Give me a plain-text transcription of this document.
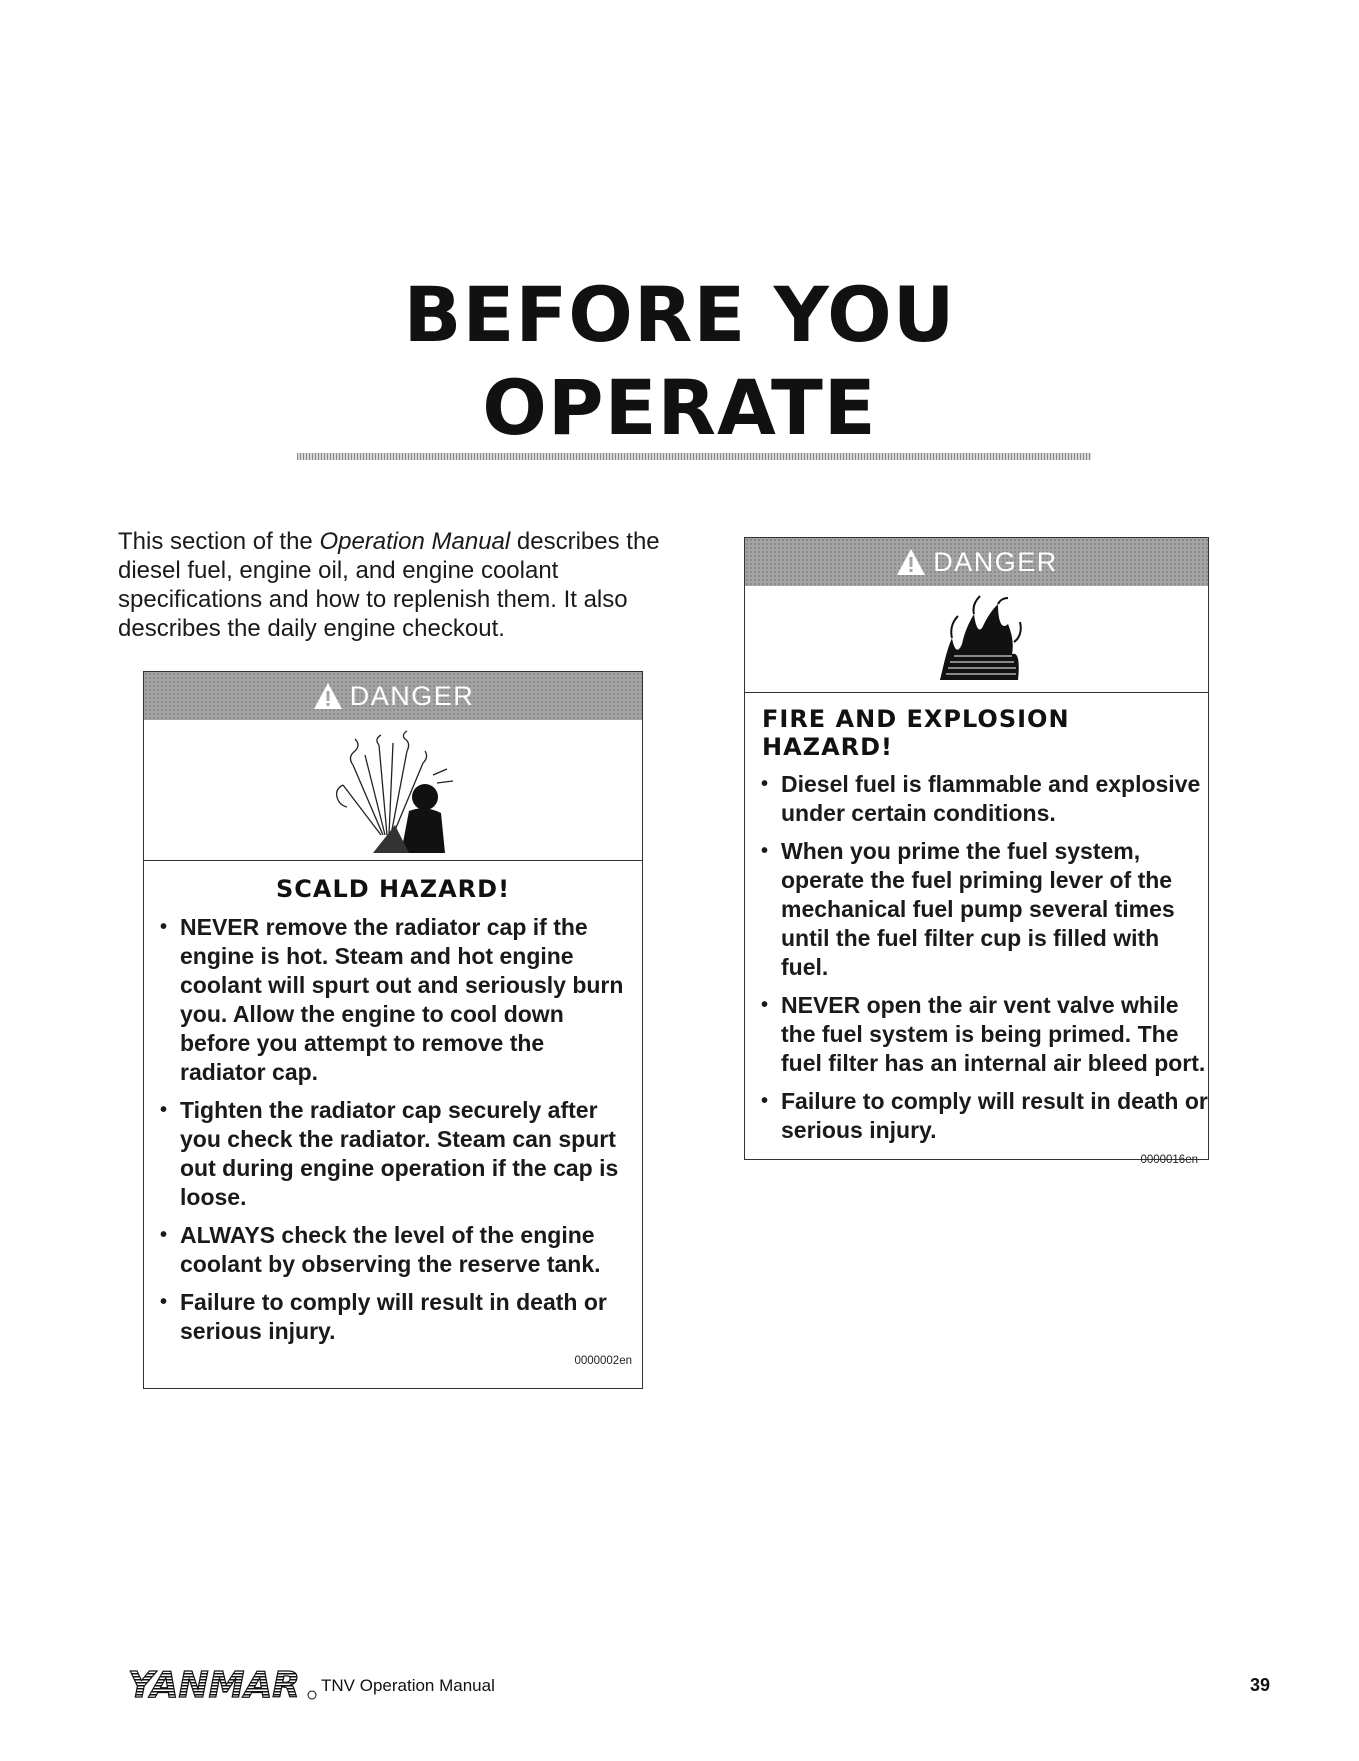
BEFORE YOU
OPERATE

This section of the Operation Manual describes the diesel fuel, engine oil, and engine coolant specifications and how to replenish them. It also describes the daily engine checkout.

DANGER
SCALD HAZARD!
• NEVER remove the radiator cap if the engine is hot. Steam and hot engine coolant will spurt out and seriously burn you. Allow the engine to cool down before you attempt to remove the radiator cap.
• Tighten the radiator cap securely after you check the radiator. Steam can spurt out during engine operation if the cap is loose.
• ALWAYS check the level of the engine coolant by observing the reserve tank.
• Failure to comply will result in death or serious injury.
0000002en
DANGER
FIRE AND EXPLOSION HAZARD!
• Diesel fuel is flammable and explosive under certain conditions.
• When you prime the fuel system, operate the fuel priming lever of the mechanical fuel pump several times until the fuel filter cup is filled with fuel.
• NEVER open the air vent valve while the fuel system is being primed. The fuel filter has an internal air bleed port.
• Failure to comply will result in death or serious injury.
0000016en
YANMAR TNV Operation Manual	39
